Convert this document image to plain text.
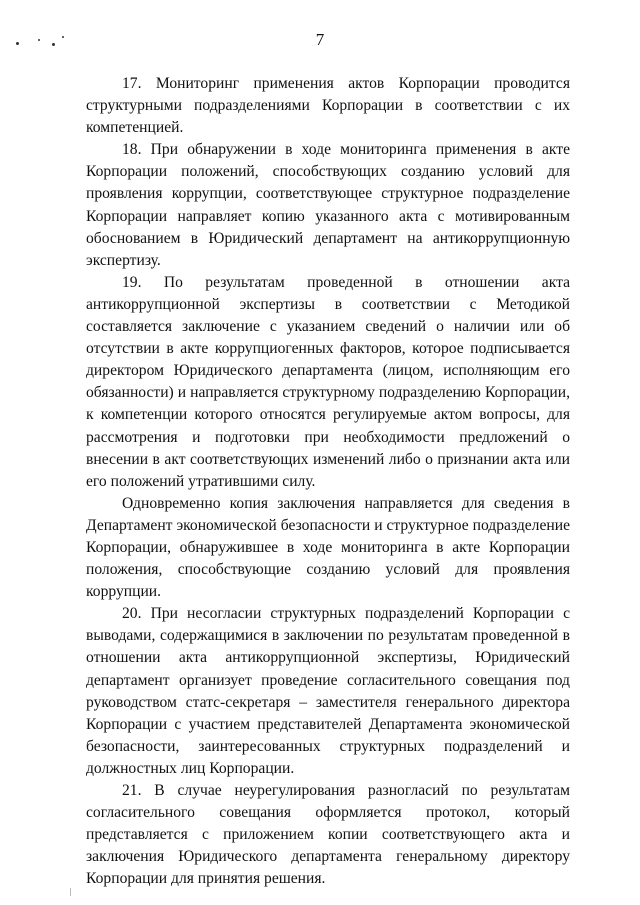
7

17. Мониторинг применения актов Корпорации проводится структурными подразделениями Корпорации в соответствии с их компетенцией.

18. При обнаружении в ходе мониторинга применения в акте Корпорации положений, способствующих созданию условий для проявления коррупции, соответствующее структурное подразделение Корпорации направляет копию указанного акта с мотивированным обоснованием в Юридический департамент на антикоррупционную экспертизу.

19. По результатам проведенной в отношении акта антикоррупционной экспертизы в соответствии с Методикой составляется заключение с указанием сведений о наличии или об отсутствии в акте коррупциогенных факторов, которое подписывается директором Юридического департамента (лицом, исполняющим его обязанности) и направляется структурному подразделению Корпорации, к компетенции которого относятся регулируемые актом вопросы, для рассмотрения и подготовки при необходимости предложений о внесении в акт соответствующих изменений либо о признании акта или его положений утратившими силу.

Одновременно копия заключения направляется для сведения в Департамент экономической безопасности и структурное подразделение Корпорации, обнаружившее в ходе мониторинга в акте Корпорации положения, способствующие созданию условий для проявления коррупции.

20. При несогласии структурных подразделений Корпорации с выводами, содержащимися в заключении по результатам проведенной в отношении акта антикоррупционной экспертизы, Юридический департамент организует проведение согласительного совещания под руководством статс-секретаря – заместителя генерального директора Корпорации с участием представителей Департамента экономической безопасности, заинтересованных структурных подразделений и должностных лиц Корпорации.

21. В случае неурегулирования разногласий по результатам согласительного совещания оформляется протокол, который представляется с приложением копии соответствующего акта и заключения Юридического департамента генеральному директору Корпорации для принятия решения.
